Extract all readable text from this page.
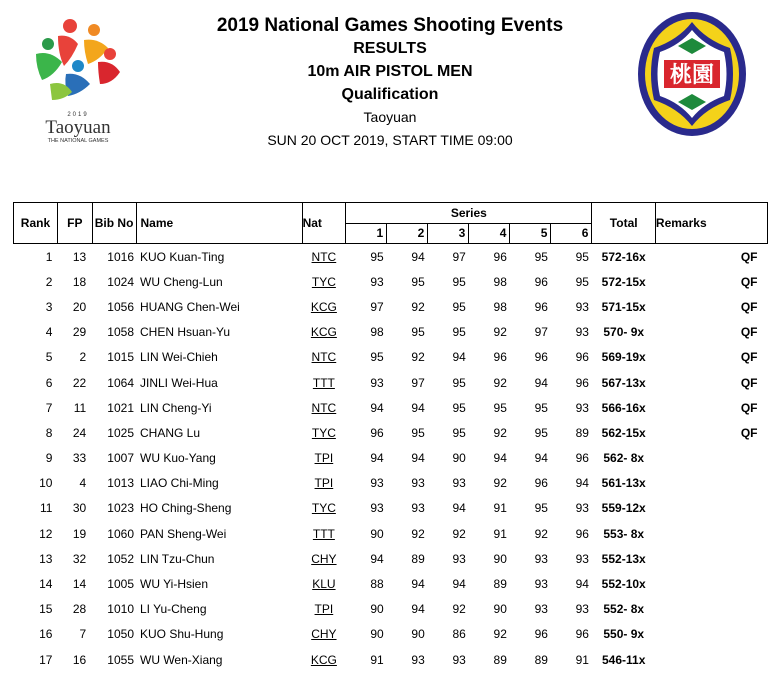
2019
Taoyuan
THE NATIONAL GAMES
桃園
2019 National Games Shooting Events
RESULTS
10m AIR PISTOL MEN
Qualification
Taoyuan
SUN 20 OCT 2019, START TIME 09:00
Rank	FP	Bib No	Name	Nat	Series						Total	Remarks
					1	2	3	4	5	6		
1	13	1016	KUO Kuan-Ting	NTC	95	94	97	96	95	95	572-16x	QF
2	18	1024	WU Cheng-Lun	TYC	93	95	95	98	96	95	572-15x	QF
3	20	1056	HUANG Chen-Wei	KCG	97	92	95	98	96	93	571-15x	QF
4	29	1058	CHEN Hsuan-Yu	KCG	98	95	95	92	97	93	570- 9x	QF
5	2	1015	LIN Wei-Chieh	NTC	95	92	94	96	96	96	569-19x	QF
6	22	1064	JINLI Wei-Hua	TTT	93	97	95	92	94	96	567-13x	QF
7	11	1021	LIN Cheng-Yi	NTC	94	94	95	95	95	93	566-16x	QF
8	24	1025	CHANG Lu	TYC	96	95	95	92	95	89	562-15x	QF
9	33	1007	WU Kuo-Yang	TPI	94	94	90	94	94	96	562- 8x	
10	4	1013	LIAO Chi-Ming	TPI	93	93	93	92	96	94	561-13x	
11	30	1023	HO Ching-Sheng	TYC	93	93	94	91	95	93	559-12x	
12	19	1060	PAN Sheng-Wei	TTT	90	92	92	91	92	96	553- 8x	
13	32	1052	LIN Tzu-Chun	CHY	94	89	93	90	93	93	552-13x	
14	14	1005	WU Yi-Hsien	KLU	88	94	94	89	93	94	552-10x	
15	28	1010	LI Yu-Cheng	TPI	90	94	92	90	93	93	552- 8x	
16	7	1050	KUO Shu-Hung	CHY	90	90	86	92	96	96	550- 9x	
17	16	1055	WU Wen-Xiang	KCG	91	93	93	89	89	91	546-11x	
